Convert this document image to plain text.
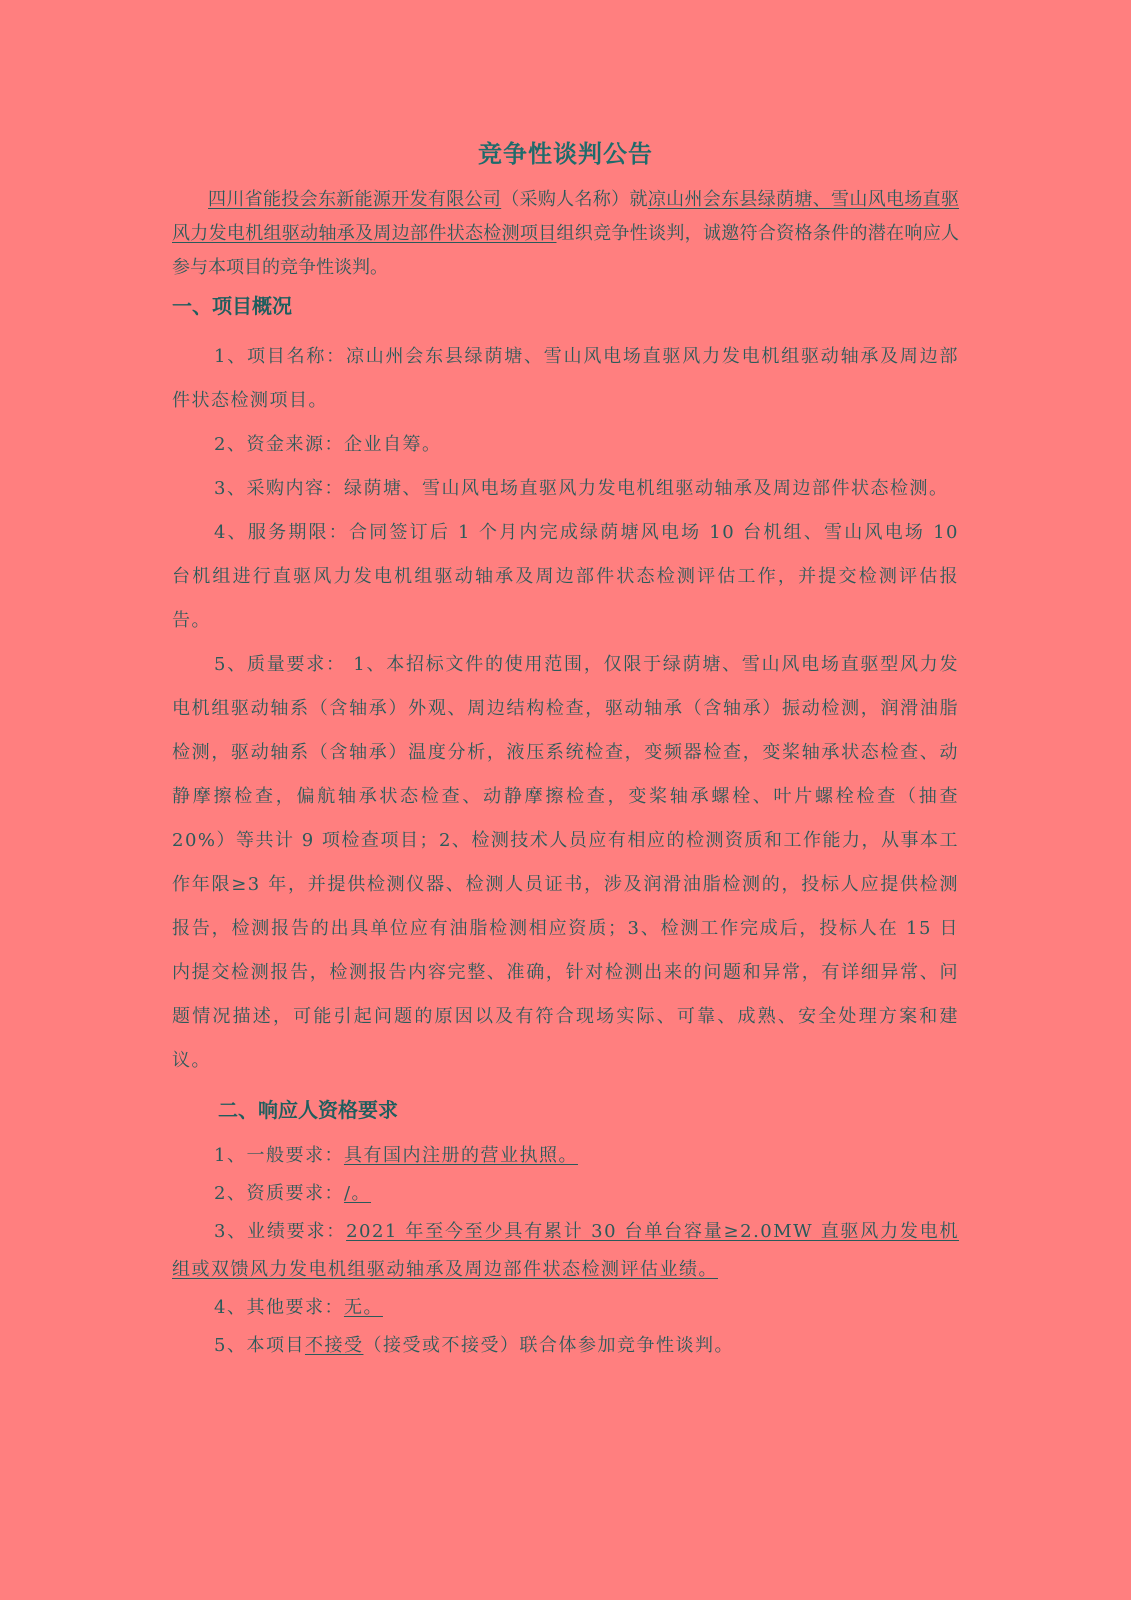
竞争性谈判公告

四川省能投会东新能源开发有限公司（采购人名称）就凉山州会东县绿荫塘、雪山风电场直驱风力发电机组驱动轴承及周边部件状态检测项目组织竞争性谈判，诚邀符合资格条件的潜在响应人参与本项目的竞争性谈判。

一、项目概况

1、项目名称：凉山州会东县绿荫塘、雪山风电场直驱风力发电机组驱动轴承及周边部件状态检测项目。

2、资金来源：企业自筹。

3、采购内容：绿荫塘、雪山风电场直驱风力发电机组驱动轴承及周边部件状态检测。

4、服务期限：合同签订后 1 个月内完成绿荫塘风电场 10 台机组、雪山风电场 10 台机组进行直驱风力发电机组驱动轴承及周边部件状态检测评估工作，并提交检测评估报告。

5、质量要求： 1、本招标文件的使用范围，仅限于绿荫塘、雪山风电场直驱型风力发电机组驱动轴系（含轴承）外观、周边结构检查，驱动轴承（含轴承）振动检测，润滑油脂检测，驱动轴系（含轴承）温度分析，液压系统检查，变频器检查，变桨轴承状态检查、动静摩擦检查，偏航轴承状态检查、动静摩擦检查，变桨轴承螺栓、叶片螺栓检查（抽查 20%）等共计 9 项检查项目；2、检测技术人员应有相应的检测资质和工作能力，从事本工作年限≥3 年，并提供检测仪器、检测人员证书，涉及润滑油脂检测的，投标人应提供检测报告，检测报告的出具单位应有油脂检测相应资质；3、检测工作完成后，投标人在 15 日内提交检测报告，检测报告内容完整、准确，针对检测出来的问题和异常，有详细异常、问题情况描述，可能引起问题的原因以及有符合现场实际、可靠、成熟、安全处理方案和建议。

二、响应人资格要求

1、一般要求：具有国内注册的营业执照。

2、资质要求：/。

3、业绩要求：2021 年至今至少具有累计 30 台单台容量≥2.0MW 直驱风力发电机组或双馈风力发电机组驱动轴承及周边部件状态检测评估业绩。

4、其他要求：无。

5、本项目不接受（接受或不接受）联合体参加竞争性谈判。
